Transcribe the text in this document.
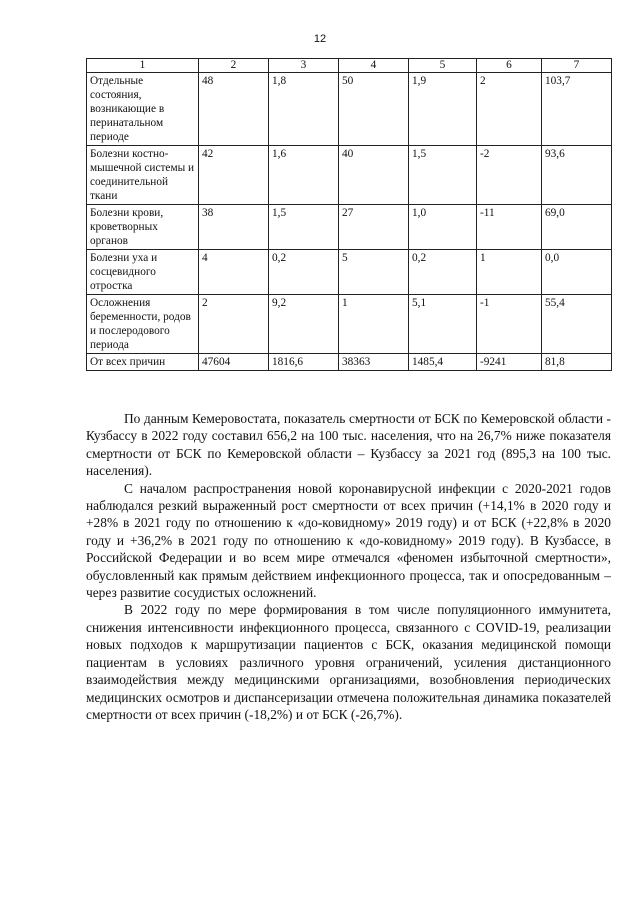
12
1	2	3	4	5	6	7
Отдельные состояния, возникающие в перинатальном периоде	48	1,8	50	1,9	2	103,7
Болезни костно-мышечной системы и соединительной ткани	42	1,6	40	1,5	-2	93,6
Болезни крови, кроветворных органов	38	1,5	27	1,0	-11	69,0
Болезни уха и сосцевидного отростка	4	0,2	5	0,2	1	0,0
Осложнения беременности, родов и послеродового периода	2	9,2	1	5,1	-1	55,4
От всех причин	47604	1816,6	38363	1485,4	-9241	81,8

По данным Кемеровостата, показатель смертности от БСК по Кемеровской области - Кузбассу в 2022 году составил 656,2 на 100 тыс. населения, что на 26,7% ниже показателя смертности от БСК по Кемеровской области – Кузбассу за 2021 год (895,3 на 100 тыс. населения).

С началом распространения новой коронавирусной инфекции с 2020-2021 годов наблюдался резкий выраженный рост смертности от всех причин (+14,1% в 2020 году и +28% в 2021 году по отношению к «до-ковидному» 2019 году) и от БСК (+22,8% в 2020 году и +36,2% в 2021 году по отношению к «до-ковидному» 2019 году). В Кузбассе, в Российской Федерации и во всем мире отмечался «феномен избыточной смертности», обусловленный как прямым действием инфекционного процесса, так и опосредованным – через развитие сосудистых осложнений.

В 2022 году по мере формирования в том числе популяционного иммунитета, снижения интенсивности инфекционного процесса, связанного с COVID-19, реализации новых подходов к маршрутизации пациентов с БСК, оказания медицинской помощи пациентам в условиях различного уровня ограничений, усиления дистанционного взаимодействия между медицинскими организациями, возобновления периодических медицинских осмотров и диспансеризации отмечена положительная динамика показателей смертности от всех причин (-18,2%) и от БСК (-26,7%).
